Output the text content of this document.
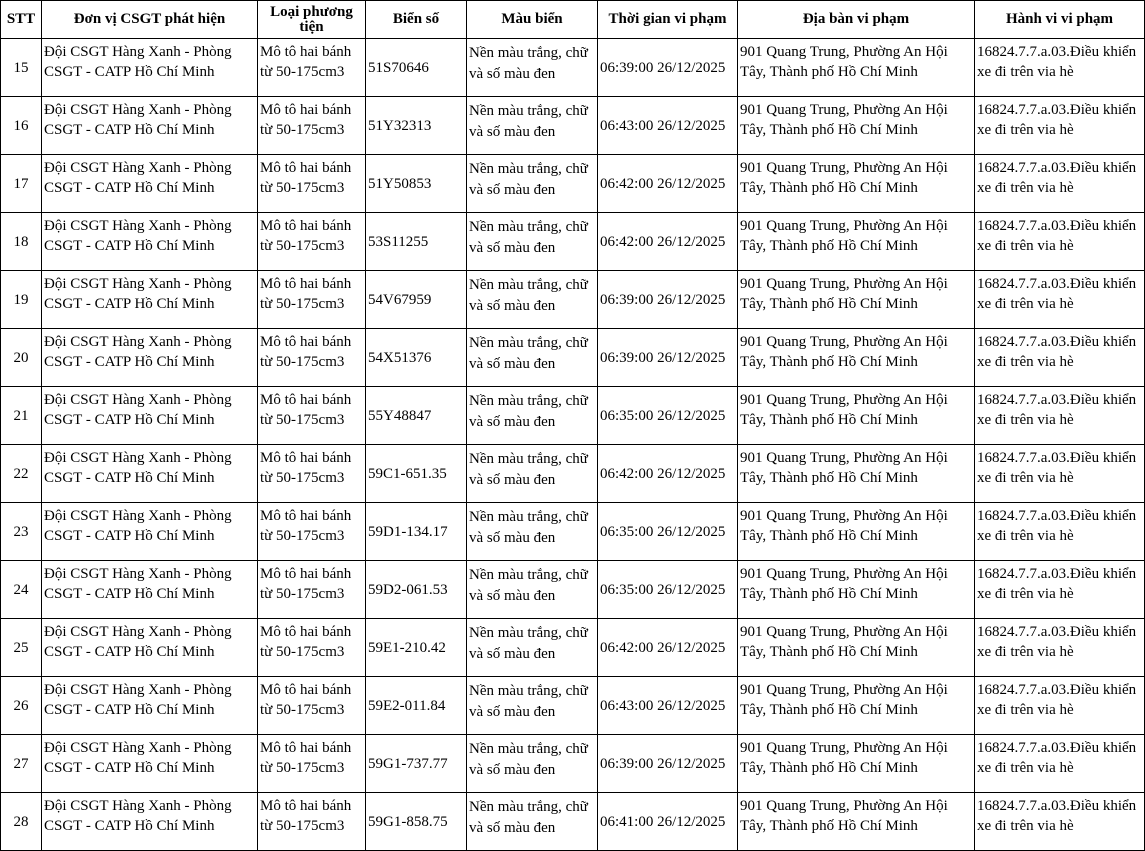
STT	Đơn vị CSGT phát hiện	Loại phương tiện	Biển số	Màu biển	Thời gian vi phạm	Địa bàn vi phạm	Hành vi vi phạm
15	Đội CSGT Hàng Xanh - Phòng CSGT - CATP Hồ Chí Minh	Mô tô hai bánh từ 50-175cm3	51S70646	Nền màu trắng, chữ và số màu đen	06:39:00 26/12/2025	901 Quang Trung, Phường An Hội Tây, Thành phố Hồ Chí Minh	16824.7.7.a.03.Điều khiển xe đi trên via hè
16	Đội CSGT Hàng Xanh - Phòng CSGT - CATP Hồ Chí Minh	Mô tô hai bánh từ 50-175cm3	51Y32313	Nền màu trắng, chữ và số màu đen	06:43:00 26/12/2025	901 Quang Trung, Phường An Hội Tây, Thành phố Hồ Chí Minh	16824.7.7.a.03.Điều khiển xe đi trên via hè
17	Đội CSGT Hàng Xanh - Phòng CSGT - CATP Hồ Chí Minh	Mô tô hai bánh từ 50-175cm3	51Y50853	Nền màu trắng, chữ và số màu đen	06:42:00 26/12/2025	901 Quang Trung, Phường An Hội Tây, Thành phố Hồ Chí Minh	16824.7.7.a.03.Điều khiển xe đi trên via hè
18	Đội CSGT Hàng Xanh - Phòng CSGT - CATP Hồ Chí Minh	Mô tô hai bánh từ 50-175cm3	53S11255	Nền màu trắng, chữ và số màu đen	06:42:00 26/12/2025	901 Quang Trung, Phường An Hội Tây, Thành phố Hồ Chí Minh	16824.7.7.a.03.Điều khiển xe đi trên via hè
19	Đội CSGT Hàng Xanh - Phòng CSGT - CATP Hồ Chí Minh	Mô tô hai bánh từ 50-175cm3	54V67959	Nền màu trắng, chữ và số màu đen	06:39:00 26/12/2025	901 Quang Trung, Phường An Hội Tây, Thành phố Hồ Chí Minh	16824.7.7.a.03.Điều khiển xe đi trên via hè
20	Đội CSGT Hàng Xanh - Phòng CSGT - CATP Hồ Chí Minh	Mô tô hai bánh từ 50-175cm3	54X51376	Nền màu trắng, chữ và số màu đen	06:39:00 26/12/2025	901 Quang Trung, Phường An Hội Tây, Thành phố Hồ Chí Minh	16824.7.7.a.03.Điều khiển xe đi trên via hè
21	Đội CSGT Hàng Xanh - Phòng CSGT - CATP Hồ Chí Minh	Mô tô hai bánh từ 50-175cm3	55Y48847	Nền màu trắng, chữ và số màu đen	06:35:00 26/12/2025	901 Quang Trung, Phường An Hội Tây, Thành phố Hồ Chí Minh	16824.7.7.a.03.Điều khiển xe đi trên via hè
22	Đội CSGT Hàng Xanh - Phòng CSGT - CATP Hồ Chí Minh	Mô tô hai bánh từ 50-175cm3	59C1-651.35	Nền màu trắng, chữ và số màu đen	06:42:00 26/12/2025	901 Quang Trung, Phường An Hội Tây, Thành phố Hồ Chí Minh	16824.7.7.a.03.Điều khiển xe đi trên via hè
23	Đội CSGT Hàng Xanh - Phòng CSGT - CATP Hồ Chí Minh	Mô tô hai bánh từ 50-175cm3	59D1-134.17	Nền màu trắng, chữ và số màu đen	06:35:00 26/12/2025	901 Quang Trung, Phường An Hội Tây, Thành phố Hồ Chí Minh	16824.7.7.a.03.Điều khiển xe đi trên via hè
24	Đội CSGT Hàng Xanh - Phòng CSGT - CATP Hồ Chí Minh	Mô tô hai bánh từ 50-175cm3	59D2-061.53	Nền màu trắng, chữ và số màu đen	06:35:00 26/12/2025	901 Quang Trung, Phường An Hội Tây, Thành phố Hồ Chí Minh	16824.7.7.a.03.Điều khiển xe đi trên via hè
25	Đội CSGT Hàng Xanh - Phòng CSGT - CATP Hồ Chí Minh	Mô tô hai bánh từ 50-175cm3	59E1-210.42	Nền màu trắng, chữ và số màu đen	06:42:00 26/12/2025	901 Quang Trung, Phường An Hội Tây, Thành phố Hồ Chí Minh	16824.7.7.a.03.Điều khiển xe đi trên via hè
26	Đội CSGT Hàng Xanh - Phòng CSGT - CATP Hồ Chí Minh	Mô tô hai bánh từ 50-175cm3	59E2-011.84	Nền màu trắng, chữ và số màu đen	06:43:00 26/12/2025	901 Quang Trung, Phường An Hội Tây, Thành phố Hồ Chí Minh	16824.7.7.a.03.Điều khiển xe đi trên via hè
27	Đội CSGT Hàng Xanh - Phòng CSGT - CATP Hồ Chí Minh	Mô tô hai bánh từ 50-175cm3	59G1-737.77	Nền màu trắng, chữ và số màu đen	06:39:00 26/12/2025	901 Quang Trung, Phường An Hội Tây, Thành phố Hồ Chí Minh	16824.7.7.a.03.Điều khiển xe đi trên via hè
28	Đội CSGT Hàng Xanh - Phòng CSGT - CATP Hồ Chí Minh	Mô tô hai bánh từ 50-175cm3	59G1-858.75	Nền màu trắng, chữ và số màu đen	06:41:00 26/12/2025	901 Quang Trung, Phường An Hội Tây, Thành phố Hồ Chí Minh	16824.7.7.a.03.Điều khiển xe đi trên via hè
